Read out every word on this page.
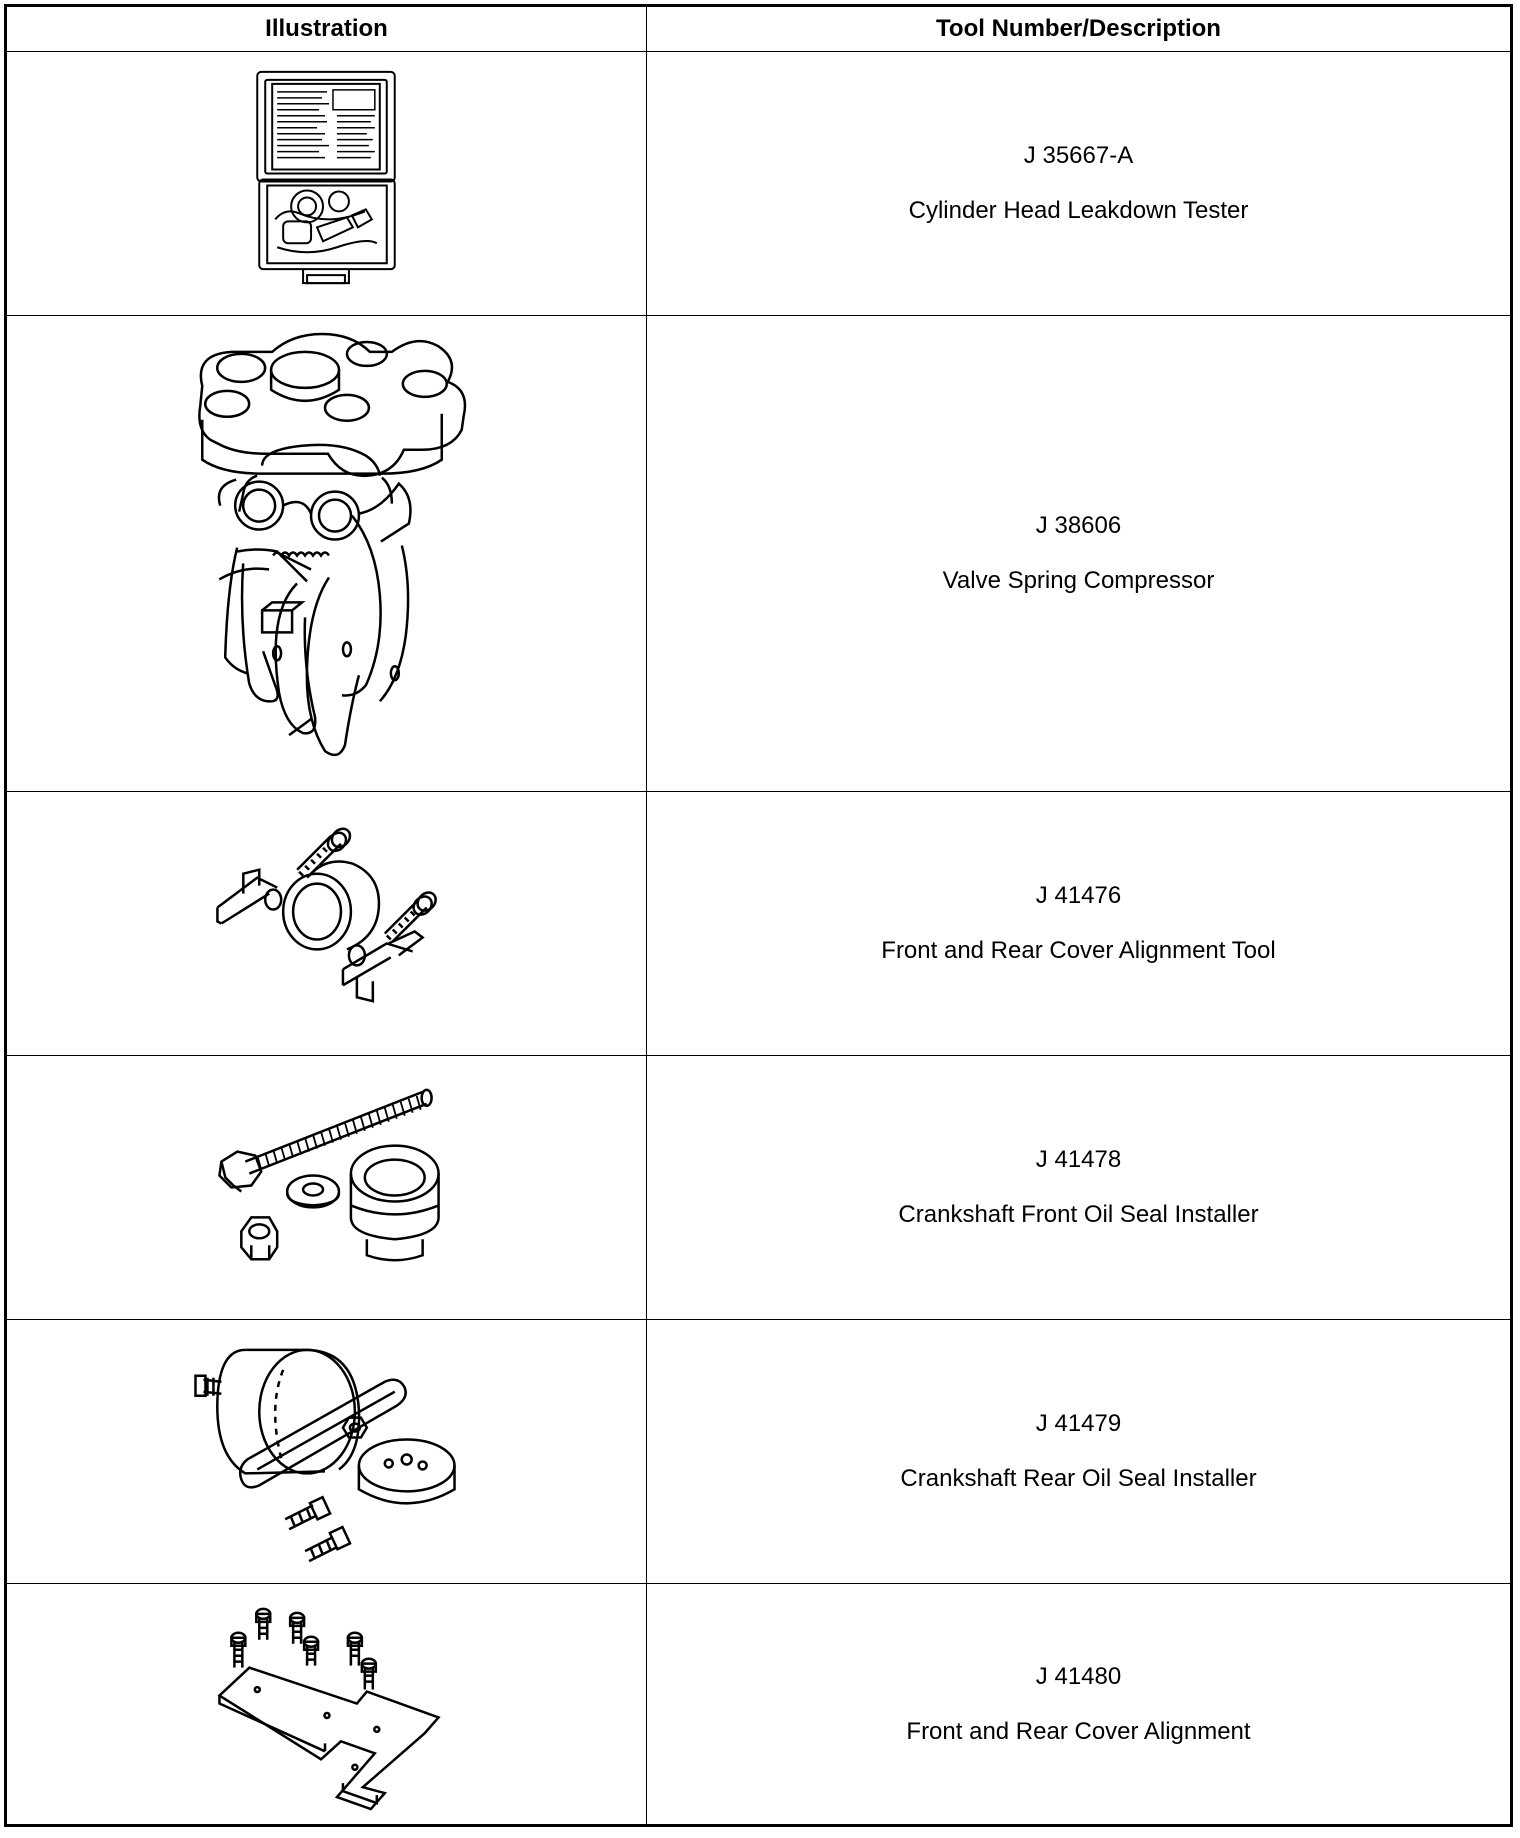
Illustration	Tool Number/Description
J 35667-A
Cylinder Head Leakdown Tester
J 38606
Valve Spring Compressor
J 41476
Front and Rear Cover Alignment Tool
J 41478
Crankshaft Front Oil Seal Installer
J 41479
Crankshaft Rear Oil Seal Installer
J 41480
Front and Rear Cover Alignment
